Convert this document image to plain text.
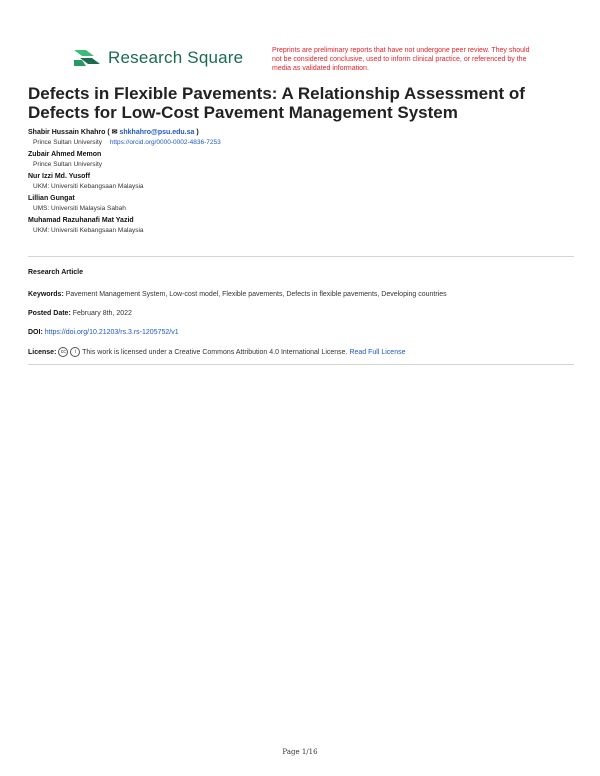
Research Square	Preprints are preliminary reports that have not undergone peer review. They should not be considered conclusive, used to inform clinical practice, or referenced by the media as validated information.
Defects in Flexible Pavements: A Relationship Assessment of Defects for Low-Cost Pavement Management System
Shabir Hussain Khahro ( ✉ shkhahro@psu.edu.sa )
Prince Sultan University https://orcid.org/0000-0002-4836-7253
Zubair Ahmed Memon
Prince Sultan University
Nur Izzi Md. Yusoff
UKM: Universiti Kebangsaan Malaysia
Lillian Gungat
UMS: Universiti Malaysia Sabah
Muhamad Razuhanafi Mat Yazid
UKM: Universiti Kebangsaan Malaysia
Research Article
Keywords: Pavement Management System, Low-cost model, Flexible pavements, Defects in flexible pavements, Developing countries
Posted Date: February 8th, 2022
DOI: https://doi.org/10.21203/rs.3.rs-1205752/v1
License: cc i This work is licensed under a Creative Commons Attribution 4.0 International License. Read Full License
Page 1/16
